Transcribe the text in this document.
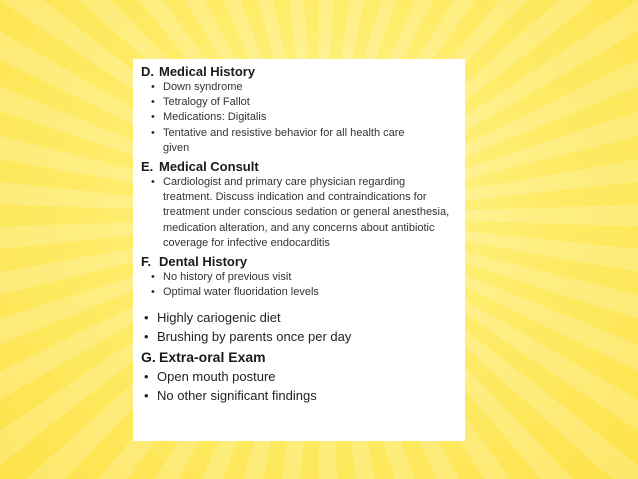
D. Medical History

• Down syndrome
• Tetralogy of Fallot
• Medications: Digitalis
• Tentative and resistive behavior for all health care given

E. Medical Consult

• Cardiologist and primary care physician regarding treatment. Discuss indication and contraindications for treatment under conscious sedation or general anesthesia, medication alteration, and any concerns about antibiotic coverage for infective endocarditis

F. Dental History

• No history of previous visit
• Optimal water fluoridation levels
• Highly cariogenic diet
• Brushing by parents once per day

G. Extra-oral Exam

• Open mouth posture
• No other significant findings
